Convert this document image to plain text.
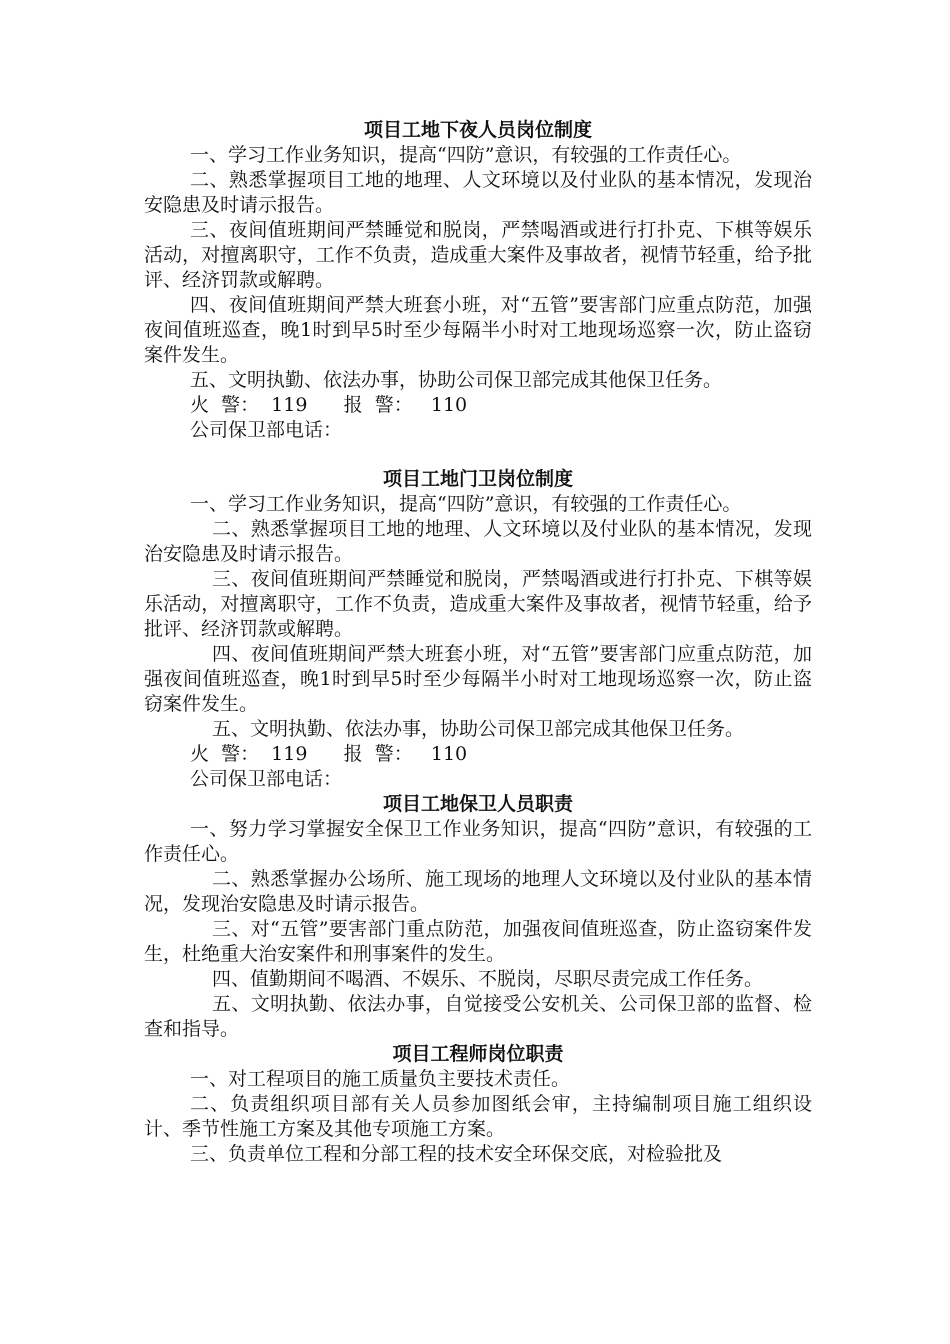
项目工地下夜人员岗位制度

一、学习工作业务知识，提高“四防”意识，有较强的工作责任心。

二、熟悉掌握项目工地的地理、人文环境以及付业队的基本情况，发现治安隐患及时请示报告。

三、夜间值班期间严禁睡觉和脱岗，严禁喝酒或进行打扑克、下棋等娱乐活动，对擅离职守，工作不负责，造成重大案件及事故者，视情节轻重，给予批评、经济罚款或解聘。

四、夜间值班期间严禁大班套小班，对“五管”要害部门应重点防范，加强夜间值班巡查，晚1时到早5时至少每隔半小时对工地现场巡察一次，防止盗窃案件发生。

五、文明执勤、依法办事，协助公司保卫部完成其他保卫任务。

火  警：  119      报  警：   110

公司保卫部电话：

项目工地门卫岗位制度

一、学习工作业务知识，提高“四防”意识，有较强的工作责任心。

二、熟悉掌握项目工地的地理、人文环境以及付业队的基本情况，发现治安隐患及时请示报告。

三、夜间值班期间严禁睡觉和脱岗，严禁喝酒或进行打扑克、下棋等娱乐活动，对擅离职守，工作不负责，造成重大案件及事故者，视情节轻重，给予批评、经济罚款或解聘。

四、夜间值班期间严禁大班套小班，对“五管”要害部门应重点防范，加强夜间值班巡查，晚1时到早5时至少每隔半小时对工地现场巡察一次，防止盗窃案件发生。

五、文明执勤、依法办事，协助公司保卫部完成其他保卫任务。

火  警：  119      报  警：   110

公司保卫部电话：

项目工地保卫人员职责

一、努力学习掌握安全保卫工作业务知识，提高“四防”意识，有较强的工作责任心。

二、熟悉掌握办公场所、施工现场的地理人文环境以及付业队的基本情况，发现治安隐患及时请示报告。

三、对“五管”要害部门重点防范，加强夜间值班巡查，防止盗窃案件发生，杜绝重大治安案件和刑事案件的发生。

四、值勤期间不喝酒、不娱乐、不脱岗，尽职尽责完成工作任务。

五、文明执勤、依法办事，自觉接受公安机关、公司保卫部的监督、检查和指导。

项目工程师岗位职责

一、对工程项目的施工质量负主要技术责任。

二、负责组织项目部有关人员参加图纸会审，主持编制项目施工组织设计、季节性施工方案及其他专项施工方案。

三、负责单位工程和分部工程的技术安全环保交底，对检验批及
